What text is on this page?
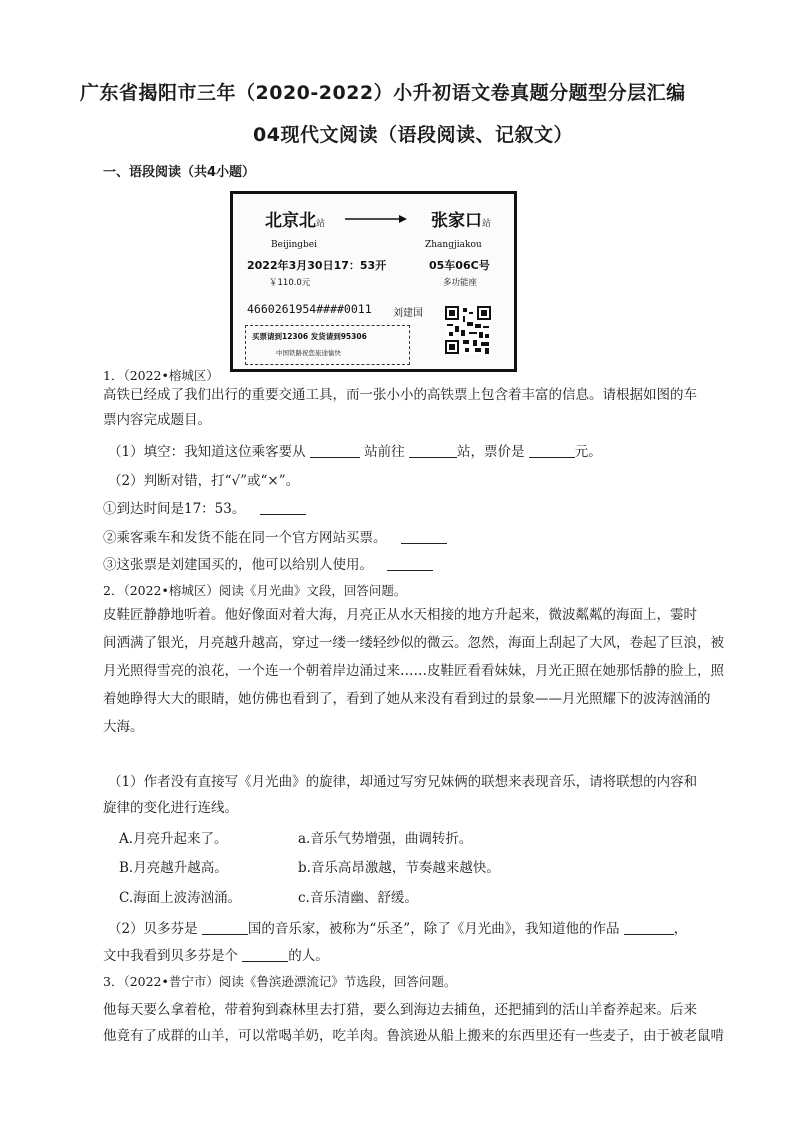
广东省揭阳市三年（2020-2022）小升初语文卷真题分题型分层汇编
04现代文阅读（语段阅读、记叙文）
一、语段阅读（共4小题）
北京北站	张家口站
Beijingbei	Zhangjiakou
2022年3月30日17：53开	05车06C号
￥110.0元	多功能座
4660261954####0011 刘建国
买票请到12306 发货请到95306
中国铁路祝您旅途愉快
1．（2022•榕城区）
高铁已经成了我们出行的重要交通工具，而一张小小的高铁票上包含着丰富的信息。请根据如图的车
票内容完成题目。
（1）填空：我知道这位乘客要从	站前往	站，票价是	元。
（2）判断对错，打“√”或“×”。
①到达时间是17：53。
②乘客乘车和发货不能在同一个官方网站买票。
③这张票是刘建国买的，他可以给别人使用。
2．（2022•榕城区）阅读《月光曲》文段，回答问题。
皮鞋匠静静地听着。他好像面对着大海，月亮正从水天相接的地方升起来，微波粼粼的海面上，霎时
间洒满了银光，月亮越升越高，穿过一缕一缕轻纱似的微云。忽然，海面上刮起了大风，卷起了巨浪，被
月光照得雪亮的浪花，一个连一个朝着岸边涌过来……皮鞋匠看看妹妹，月光正照在她那恬静的脸上，照
着她睁得大大的眼睛，她仿佛也看到了，看到了她从来没有看到过的景象——月光照耀下的波涛汹涌的
大海。
（1）作者没有直接写《月光曲》的旋律，却通过写穷兄妹俩的联想来表现音乐，请将联想的内容和
旋律的变化进行连线。
A.月亮升起来了。	a.音乐气势增强，曲调转折。
B.月亮越升越高。	b.音乐高昂激越，节奏越来越快。
C.海面上波涛汹涌。	c.音乐清幽、舒缓。
（2）贝多芬是	国的音乐家，被称为“乐圣”，除了《月光曲》，我知道他的作品	，
文中我看到贝多芬是个	的人。
3．（2022•普宁市）阅读《鲁滨逊漂流记》节选段，回答问题。
他每天要么拿着枪，带着狗到森林里去打猎，要么到海边去捕鱼，还把捕到的活山羊畜养起来。后来
他竟有了成群的山羊，可以常喝羊奶，吃羊肉。鲁滨逊从船上搬来的东西里还有一些麦子，由于被老鼠啃
